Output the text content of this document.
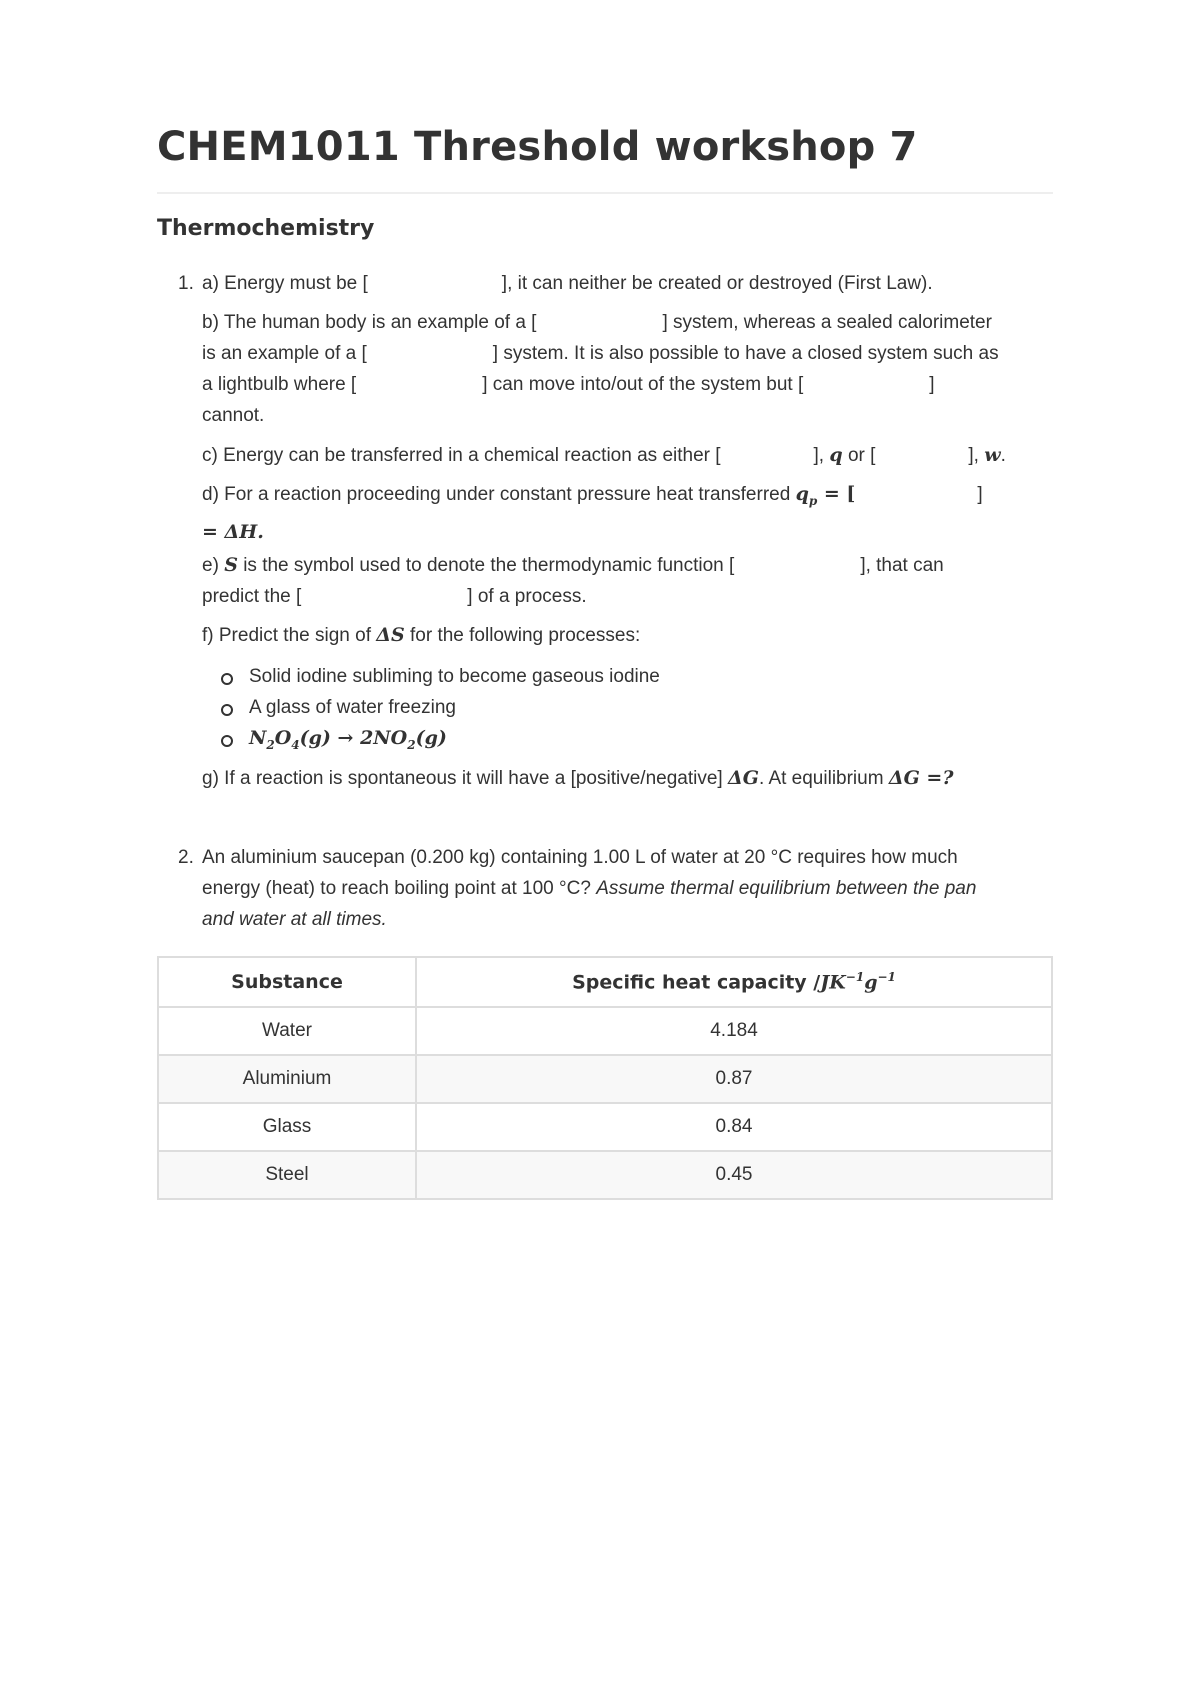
CHEM1011 Threshold workshop 7
Thermochemistry
1. a) Energy must be [	], it can neither be created or destroyed (First Law).
b) The human body is an example of a [	] system, whereas a sealed calorimeter
is an example of a [	] system. It is also possible to have a closed system such as
a lightbulb where [	] can move into/out of the system but [	]
cannot.
c) Energy can be transferred in a chemical reaction as either [	], q or [	], w.
d) For a reaction proceeding under constant pressure heat transferred $q_p$ = [	]
= ΔH.
e) S is the symbol used to denote the thermodynamic function [	], that can
predict the [	] of a process.
f) Predict the sign of ΔS for the following processes:
Solid iodine subliming to become gaseous iodine
A glass of water freezing
$N_2O_4(g) \to 2NO_2(g)$
g) If a reaction is spontaneous it will have a [positive/negative] ΔG. At equilibrium ΔG =?
2. An aluminium saucepan (0.200 kg) containing 1.00 L of water at 20 °C requires how much
energy (heat) to reach boiling point at 100 °C? Assume thermal equilibrium between the pan
and water at all times.
Substance	Specific heat capacity $/JK^{-1}g^{-1}$
Water	4.184
Aluminium	0.87
Glass	0.84
Steel	0.45
